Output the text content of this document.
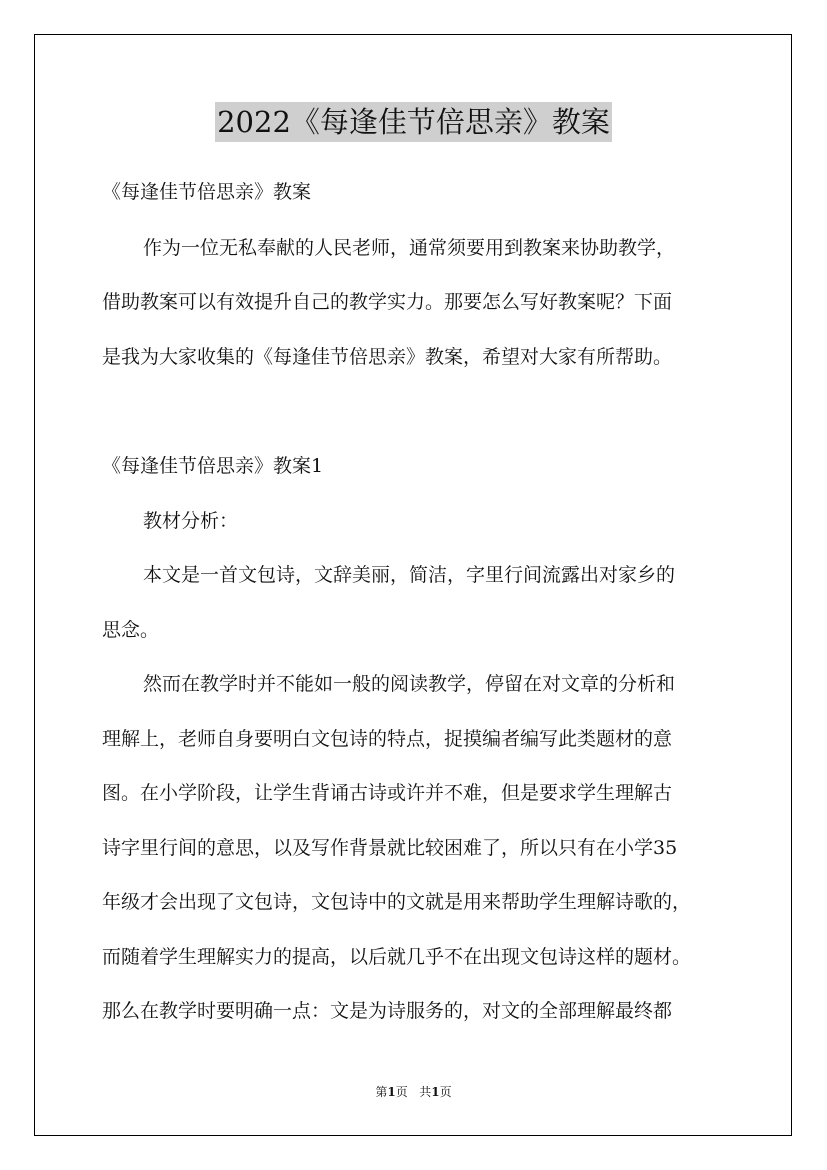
2022《每逢佳节倍思亲》教案
《每逢佳节倍思亲》教案
作为一位无私奉献的人民老师，通常须要用到教案来协助教学，
借助教案可以有效提升自己的教学实力。那要怎么写好教案呢？下面
是我为大家收集的《每逢佳节倍思亲》教案，希望对大家有所帮助。
《每逢佳节倍思亲》教案1
教材分析：
本文是一首文包诗，文辞美丽，简洁，字里行间流露出对家乡的
思念。
然而在教学时并不能如一般的阅读教学，停留在对文章的分析和
理解上，老师自身要明白文包诗的特点，捉摸编者编写此类题材的意
图。在小学阶段，让学生背诵古诗或许并不难，但是要求学生理解古
诗字里行间的意思，以及写作背景就比较困难了，所以只有在小学35
年级才会出现了文包诗，文包诗中的文就是用来帮助学生理解诗歌的，
而随着学生理解实力的提高，以后就几乎不在出现文包诗这样的题材。
那么在教学时要明确一点：文是为诗服务的，对文的全部理解最终都
第1页   共1页
